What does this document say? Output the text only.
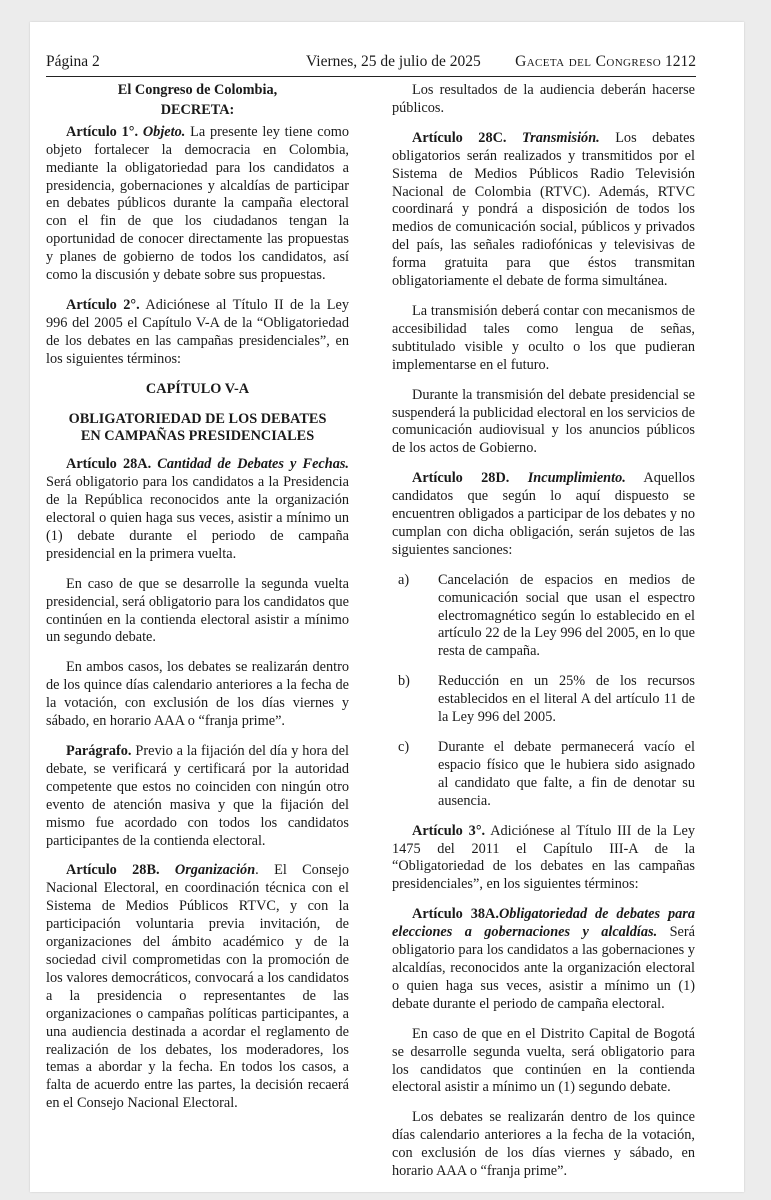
Página 2	Viernes, 25 de julio de 2025 Gaceta del Congreso 1212

El Congreso de Colombia,

DECRETA:

Artículo 1°. Objeto. La presente ley tiene como objeto fortalecer la democracia en Colombia, mediante la obligatoriedad para los candidatos a presidencia, gobernaciones y alcaldías de participar en debates públicos durante la campaña electoral con el fin de que los ciudadanos tengan la oportunidad de conocer directamente las propuestas y planes de gobierno de todos los candidatos, así como la discusión y debate sobre sus propuestas.

Artículo 2°. Adiciónese al Título II de la Ley 996 del 2005 el Capítulo V-A de la “Obligatoriedad de los debates en las campañas presidenciales”, en los siguientes términos:

CAPÍTULO V-A

OBLIGATORIEDAD DE LOS DEBATES
EN CAMPAÑAS PRESIDENCIALES

Artículo 28A. Cantidad de Debates y Fechas. Será obligatorio para los candidatos a la Presidencia de la República reconocidos ante la organización electoral o quien haga sus veces, asistir a mínimo un (1) debate durante el periodo de campaña presidencial en la primera vuelta.

En caso de que se desarrolle la segunda vuelta presidencial, será obligatorio para los candidatos que continúen en la contienda electoral asistir a mínimo un segundo debate.

En ambos casos, los debates se realizarán dentro de los quince días calendario anteriores a la fecha de la votación, con exclusión de los días viernes y sábado, en horario AAA o “franja prime”.

Parágrafo. Previo a la fijación del día y hora del debate, se verificará y certificará por la autoridad competente que estos no coinciden con ningún otro evento de atención masiva y que la fijación del mismo fue acordado con todos los candidatos participantes de la contienda electoral.

Artículo 28B. Organización. El Consejo Nacional Electoral, en coordinación técnica con el Sistema de Medios Públicos RTVC, y con la participación voluntaria previa invitación, de organizaciones del ámbito académico y de la sociedad civil comprometidas con la promoción de los valores democráticos, convocará a los candidatos a la presidencia o representantes de las organizaciones o campañas políticas participantes, a una audiencia destinada a acordar el reglamento de realización de los debates, los moderadores, los temas a abordar y la fecha. En todos los casos, a falta de acuerdo entre las partes, la decisión recaerá en el Consejo Nacional Electoral.

Los resultados de la audiencia deberán hacerse públicos.

Artículo 28C. Transmisión. Los debates obligatorios serán realizados y transmitidos por el Sistema de Medios Públicos Radio Televisión Nacional de Colombia (RTVC). Además, RTVC coordinará y pondrá a disposición de todos los medios de comunicación social, públicos y privados del país, las señales radiofónicas y televisivas de forma gratuita para que éstos transmitan obligatoriamente el debate de forma simultánea.

La transmisión deberá contar con mecanismos de accesibilidad tales como lengua de señas, subtitulado visible y oculto o los que pudieran implementarse en el futuro.

Durante la transmisión del debate presidencial se suspenderá la publicidad electoral en los servicios de comunicación audiovisual y los anuncios públicos de los actos de Gobierno.

Artículo 28D. Incumplimiento. Aquellos candidatos que según lo aquí dispuesto se encuentren obligados a participar de los debates y no cumplan con dicha obligación, serán sujetos de las siguientes sanciones:

a)	Cancelación de espacios en medios de comunicación social que usan el espectro electromagnético según lo establecido en el artículo 22 de la Ley 996 del 2005, en lo que resta de campaña.
b)	Reducción en un 25% de los recursos establecidos en el literal A del artículo 11 de la Ley 996 del 2005.
c)	Durante el debate permanecerá vacío el espacio físico que le hubiera sido asignado al candidato que falte, a fin de denotar su ausencia.

Artículo 3°. Adiciónese al Título III de la Ley 1475 del 2011 el Capítulo III-A de la “Obligatoriedad de los debates en las campañas presidenciales”, en los siguientes términos:

Artículo 38A.Obligatoriedad de debates para elecciones a gobernaciones y alcaldías. Será obligatorio para los candidatos a las gobernaciones y alcaldías, reconocidos ante la organización electoral o quien haga sus veces, asistir a mínimo un (1) debate durante el periodo de campaña electoral.

En caso de que en el Distrito Capital de Bogotá se desarrolle segunda vuelta, será obligatorio para los candidatos que continúen en la contienda electoral asistir a mínimo un (1) segundo debate.

Los debates se realizarán dentro de los quince días calendario anteriores a la fecha de la votación, con exclusión de los días viernes y sábado, en horario AAA o “franja prime”.
